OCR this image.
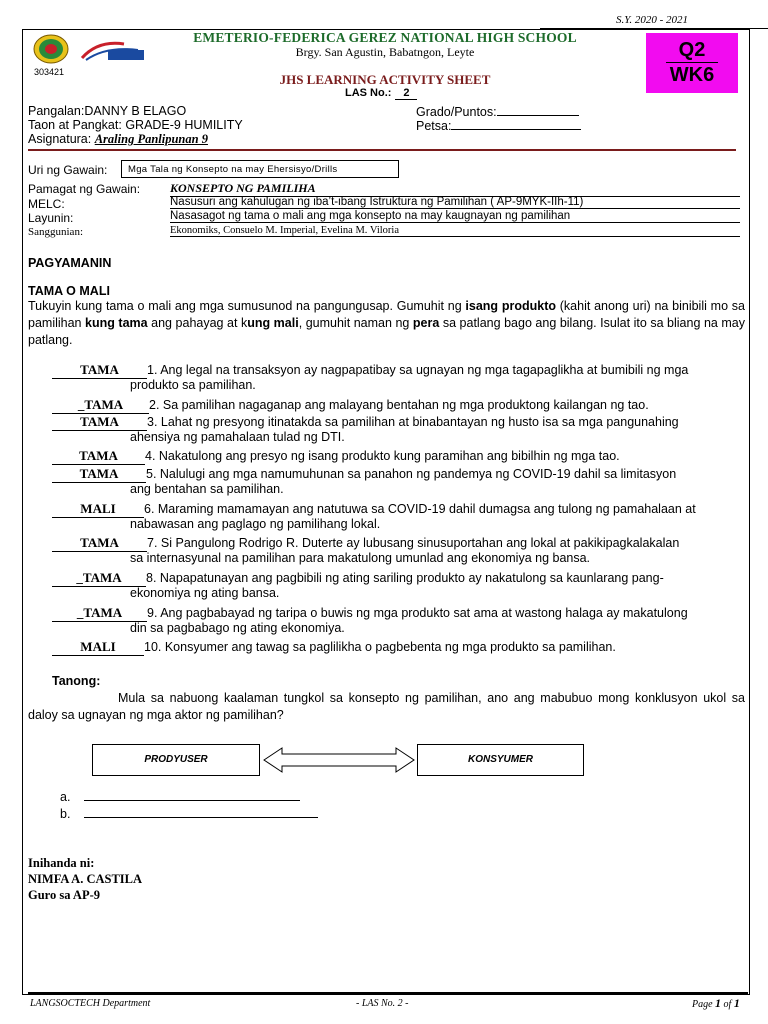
S.Y. 2020 - 2021
303421
EMETERIO-FEDERICA GEREZ NATIONAL HIGH SCHOOL
Brgy. San Agustin, Babatngon, Leyte	Q2
WK6
JHS LEARNING ACTIVITY SHEET
LAS No.: 2
Pangalan:DANNY B ELAGO
Taon at Pangkat: GRADE-9 HUMILITY
Asignatura: Araling Panlipunan 9
Grado/Puntos:
Petsa:
Uri ng Gawain:	Mga Tala ng Konsepto na may Ehersisyo/Drills
Pamagat ng Gawain: KONSEPTO NG PAMILIHA
MELC:	Nasusuri ang kahulugan ng iba’t-ibang Istruktura ng Pamilihan ( AP-9MYK-IIh-11)
Layunin:	Nasasagot ng tama o mali ang mga konsepto na may kaugnayan ng pamilihan
Sanggunian:	Ekonomiks, Consuelo M. Imperial, Evelina M. Viloria
PAGYAMANIN
TAMA O MALI
Tukuyin kung tama o mali ang mga sumusunod na pangungusap. Gumuhit ng isang produkto (kahit anong uri) na binibili mo sa pamilihan kung tama ang pahayag at kung mali, gumuhit naman ng pera sa patlang bago ang bilang. Isulat ito sa bliang na may patlang.
TAMA 1. Ang legal na transaksyon ay nagpapatibay sa ugnayan ng mga tagapaglikha at bumibili ng mga
produkto sa pamilihan.
_TAMA 2. Sa pamilihan nagaganap ang malayang bentahan ng mga produktong kailangan ng tao.
TAMA 3. Lahat ng presyong itinatakda sa pamilihan at binabantayan ng husto isa sa mga pangunahing
ahensiya ng pamahalaan tulad ng DTI.
TAMA 4. Nakatulong ang presyo ng isang produkto kung paramihan ang bibilhin ng mga tao.
TAMA 5. Nalulugi ang mga namumuhunan sa panahon ng pandemya ng COVID-19 dahil sa limitasyon
ang bentahan sa pamilihan.
MALI 6. Maraming mamamayan ang natutuwa sa COVID-19 dahil dumagsa ang tulong ng pamahalaan at
nabawasan ang paglago ng pamilihang lokal.
TAMA 7. Si Pangulong Rodrigo R. Duterte ay lubusang sinusuportahan ang lokal at pakikipagkalakalan
sa internasyunal na pamilihan para makatulong umunlad ang ekonomiya ng bansa.
_TAMA 8. Napapatunayan ang pagbibili ng ating sariling produkto ay nakatulong sa kaunlarang pang-
ekonomiya ng ating bansa.
_TAMA 9. Ang pagbabayad ng taripa o buwis ng mga produkto sat ama at wastong halaga ay makatulong
din sa pagbabago ng ating ekonomiya.
MALI 10. Konsyumer ang tawag sa paglilikha o pagbebenta ng mga produkto sa pamilihan.
Tanong:
Mula sa nabuong kaalaman tungkol sa konsepto ng pamilihan, ano ang mabubuo mong konklusyon ukol sa daloy sa ugnayan ng mga aktor ng pamilihan?
PRODYUSER	KONSYUMER
a.
b.
Inihanda ni:
NIMFA A. CASTILA
Guro sa AP-9
LANGSOCTECH Department	- LAS No. 2 -	Page 1 of 1
